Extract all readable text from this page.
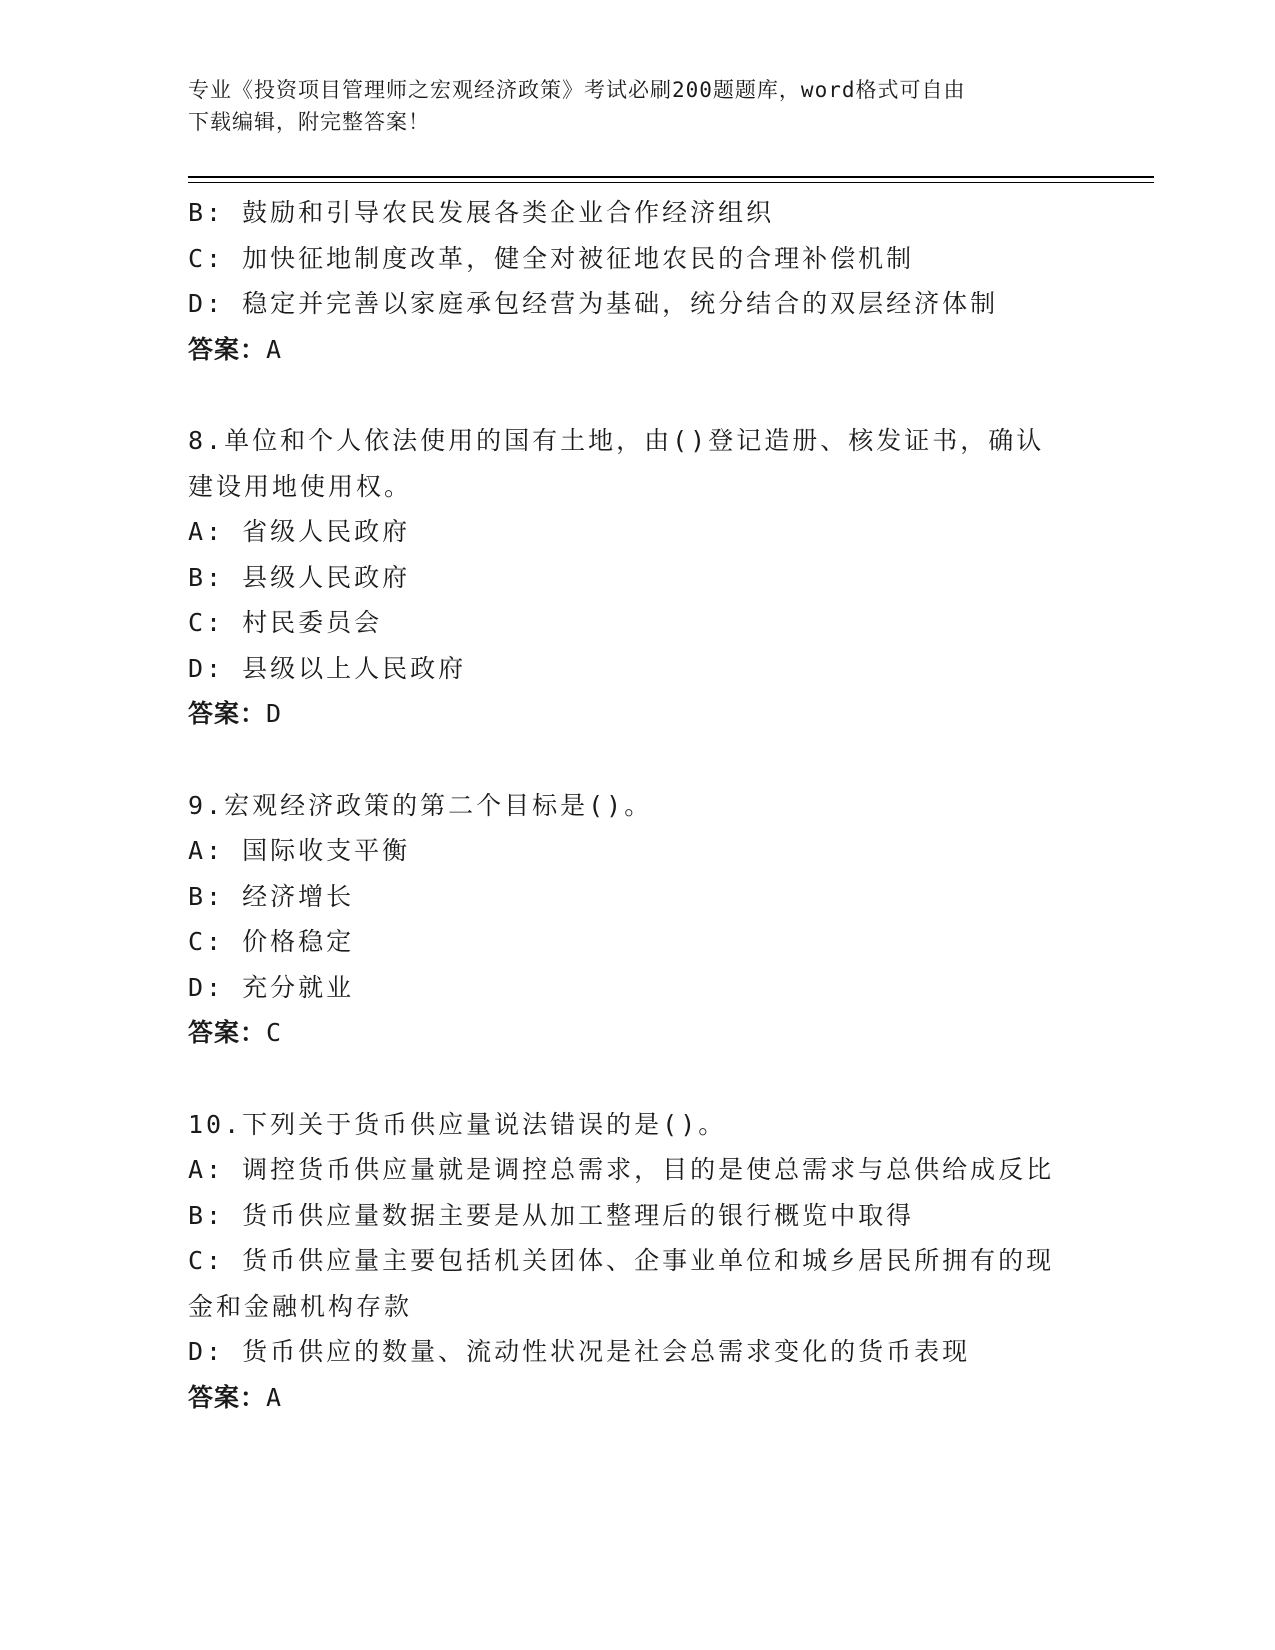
专业《投资项目管理师之宏观经济政策》考试必刷200题题库，word格式可自由
下载编辑，附完整答案！
B: 鼓励和引导农民发展各类企业合作经济组织
C: 加快征地制度改革，健全对被征地农民的合理补偿机制
D: 稳定并完善以家庭承包经营为基础，统分结合的双层经济体制
答案：A
8.单位和个人依法使用的国有土地，由()登记造册、核发证书，确认
建设用地使用权。
A: 省级人民政府
B: 县级人民政府
C: 村民委员会
D: 县级以上人民政府
答案：D
9.宏观经济政策的第二个目标是()。
A: 国际收支平衡
B: 经济增长
C: 价格稳定
D: 充分就业
答案：C
10.下列关于货币供应量说法错误的是()。
A: 调控货币供应量就是调控总需求，目的是使总需求与总供给成反比
B: 货币供应量数据主要是从加工整理后的银行概览中取得
C: 货币供应量主要包括机关团体、企事业单位和城乡居民所拥有的现
金和金融机构存款
D: 货币供应的数量、流动性状况是社会总需求变化的货币表现
答案：A
